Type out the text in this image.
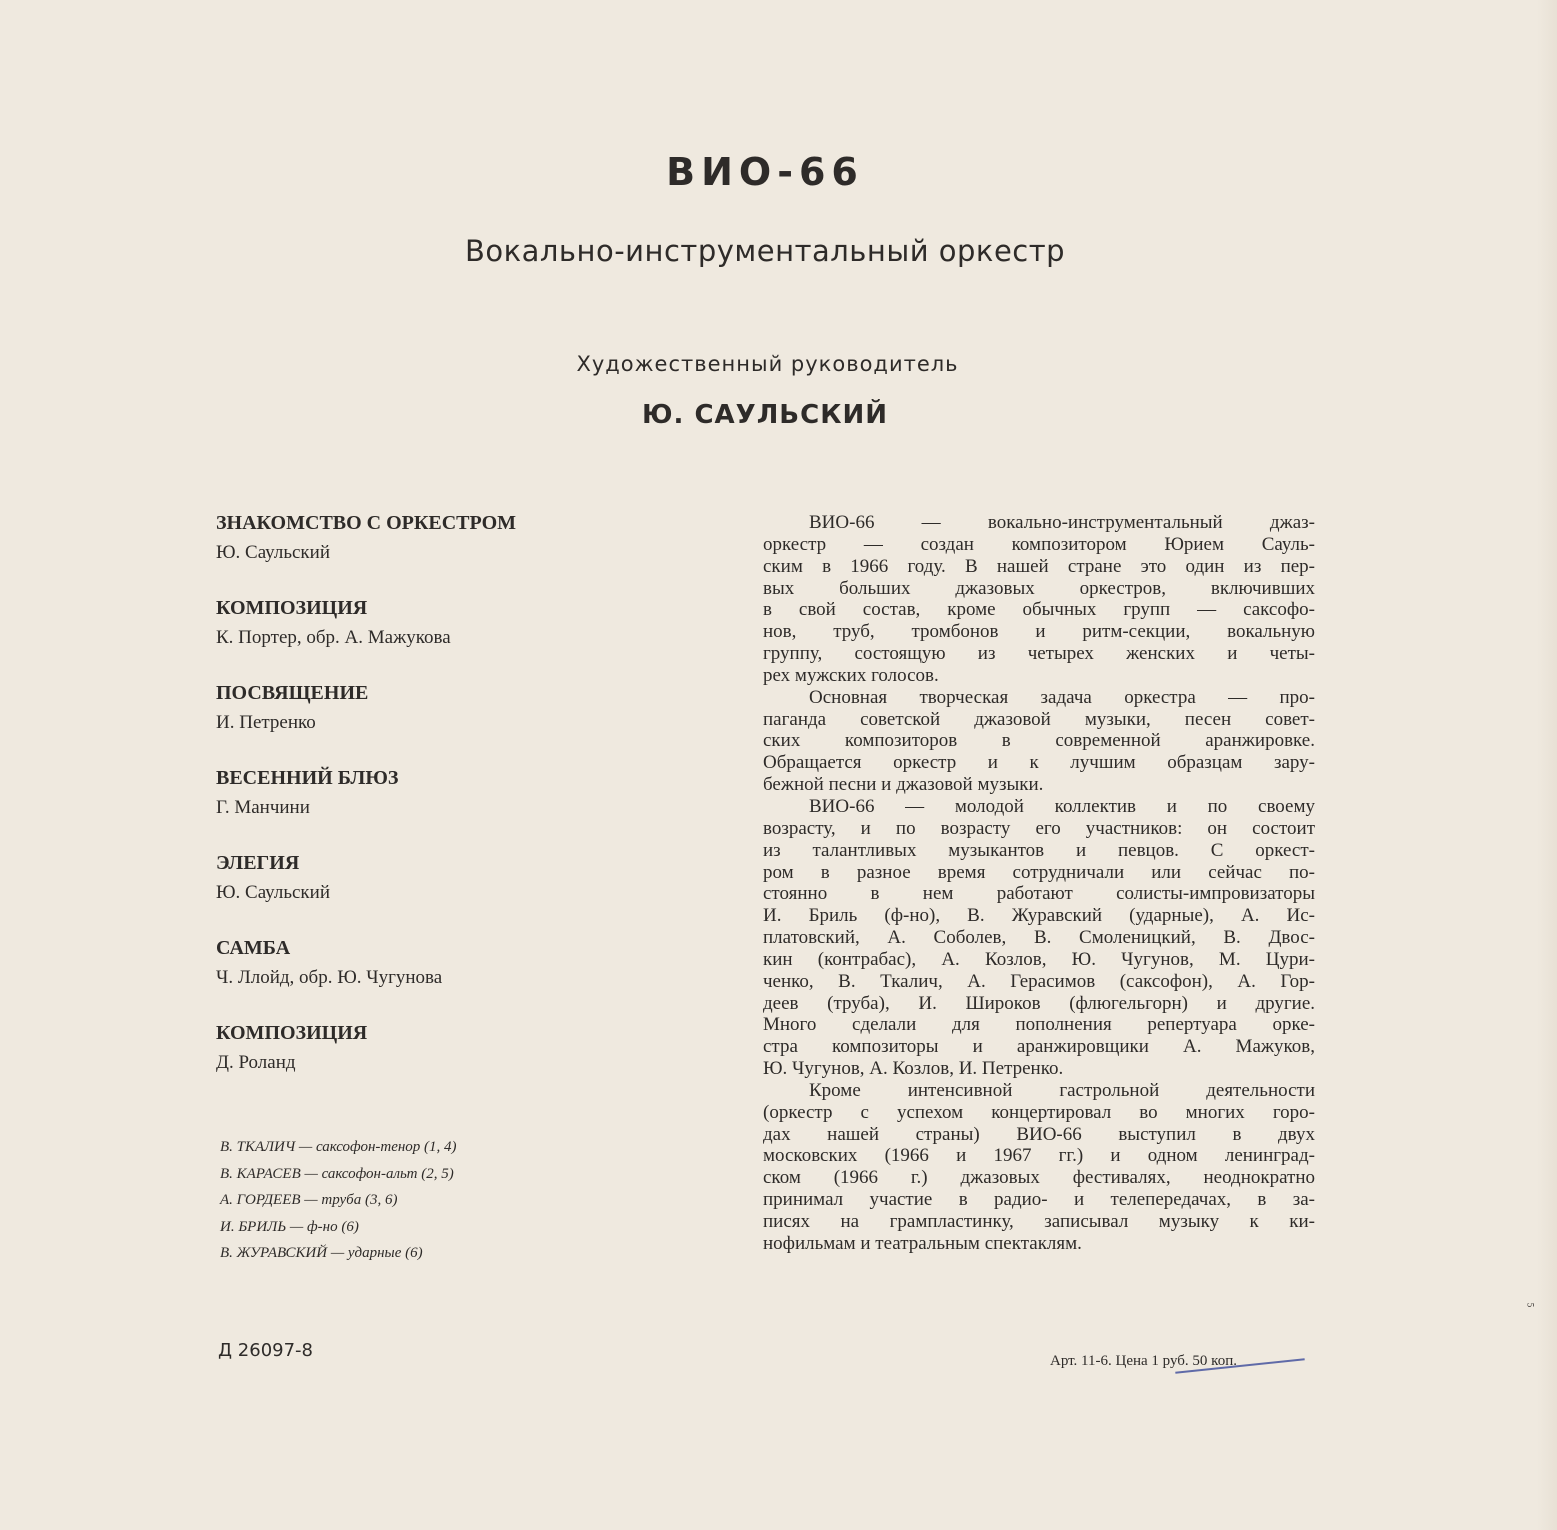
ВИО-66
Вокально-инструментальный оркестр
Художественный руководитель
Ю. САУЛЬСКИЙ
ЗНАКОМСТВО С ОРКЕСТРОМ
Ю. Саульский
КОМПОЗИЦИЯ
К. Портер, обр. А. Мажукова
ПОСВЯЩЕНИЕ
И. Петренко
ВЕСЕННИЙ БЛЮЗ
Г. Манчини
ЭЛЕГИЯ
Ю. Саульский
САМБА
Ч. Ллойд, обр. Ю. Чугунова
КОМПОЗИЦИЯ
Д. Роланд
В. ТКАЛИЧ — саксофон-тенор (1, 4)
В. КАРАСЕВ — саксофон-альт (2, 5)
А. ГОРДЕЕВ — труба (3, 6)
И. БРИЛЬ — ф-но (6)
В. ЖУРАВСКИЙ — ударные (6)
Д 26097-8	Арт. 11-6. Цена 1 руб. 50 коп.
5
ВИО-66 — вокально-инструментальный джаз-
оркестр — создан композитором Юрием Сауль-
ским в 1966 году. В нашей стране это один из пер-
вых больших джазовых оркестров, включивших
в свой состав, кроме обычных групп — саксофо-
нов, труб, тромбонов и ритм-секции, вокальную
группу, состоящую из четырех женских и четы-
рех мужских голосов.
Основная творческая задача оркестра — про-
паганда советской джазовой музыки, песен совет-
ских композиторов в современной аранжировке.
Обращается оркестр и к лучшим образцам зару-
бежной песни и джазовой музыки.
ВИО-66 — молодой коллектив и по своему
возрасту, и по возрасту его участников: он состоит
из талантливых музыкантов и певцов. С оркест-
ром в разное время сотрудничали или сейчас по-
стоянно в нем работают солисты-импровизаторы
И. Бриль (ф-но), В. Журавский (ударные), А. Ис-
платовский, А. Соболев, В. Смоленицкий, В. Двос-
кин (контрабас), А. Козлов, Ю. Чугунов, М. Цури-
ченко, В. Ткалич, А. Герасимов (саксофон), А. Гор-
деев (труба), И. Широков (флюгельгорн) и другие.
Много сделали для пополнения репертуара орке-
стра композиторы и аранжировщики А. Мажуков,
Ю. Чугунов, А. Козлов, И. Петренко.
Кроме интенсивной гастрольной деятельности
(оркестр с успехом концертировал во многих горо-
дах нашей страны) ВИО-66 выступил в двух
московских (1966 и 1967 гг.) и одном ленинград-
ском (1966 г.) джазовых фестивалях, неоднократно
принимал участие в радио- и телепередачах, в за-
писях на грампластинку, записывал музыку к ки-
нофильмам и театральным спектаклям.
